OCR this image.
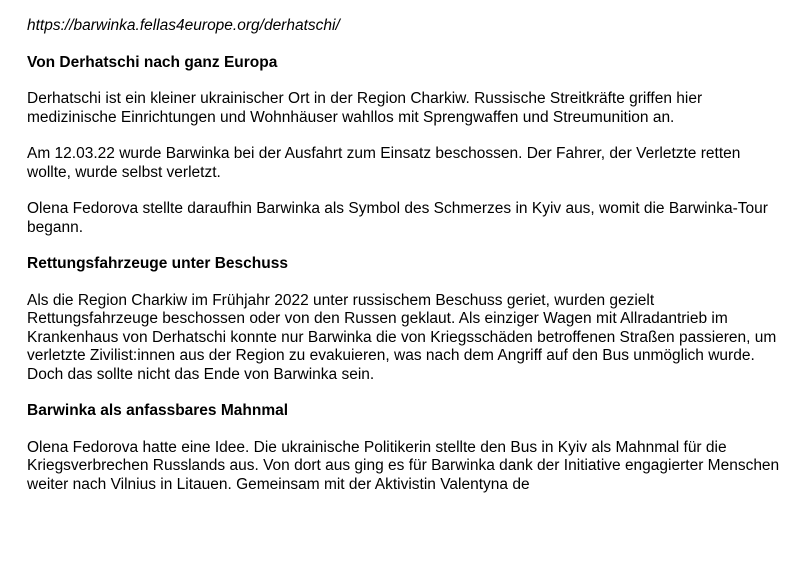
https://barwinka.fellas4europe.org/derhatschi/
Von Derhatschi nach ganz Europa

Derhatschi ist ein kleiner ukrainischer Ort in der Region Charkiw. Russische Streitkräfte griffen hier medizinische Einrichtungen und Wohnhäuser wahllos mit Sprengwaffen und Streumunition an.

Am 12.03.22 wurde Barwinka bei der Ausfahrt zum Einsatz beschossen. Der Fahrer, der Verletzte retten wollte, wurde selbst verletzt.

Olena Fedorova stellte daraufhin Barwinka als Symbol des Schmerzes in Kyiv aus, womit die Barwinka-Tour begann.

Rettungsfahrzeuge unter Beschuss

Als die Region Charkiw im Frühjahr 2022 unter russischem Beschuss geriet, wurden gezielt Rettungsfahrzeuge beschossen oder von den Russen geklaut. Als einziger Wagen mit Allradantrieb im Krankenhaus von Derhatschi konnte nur Barwinka die von Kriegsschäden betroffenen Straßen passieren, um verletzte Zivilist:innen aus der Region zu evakuieren, was nach dem Angriff auf den Bus unmöglich wurde. Doch das sollte nicht das Ende von Barwinka sein.

Barwinka als anfassbares Mahnmal

Olena Fedorova hatte eine Idee. Die ukrainische Politikerin stellte den Bus in Kyiv als Mahnmal für die Kriegsverbrechen Russlands aus. Von dort aus ging es für Barwinka dank der Initiative engagierter Menschen weiter nach Vilnius in Litauen. Gemeinsam mit der Aktivistin Valentyna de
